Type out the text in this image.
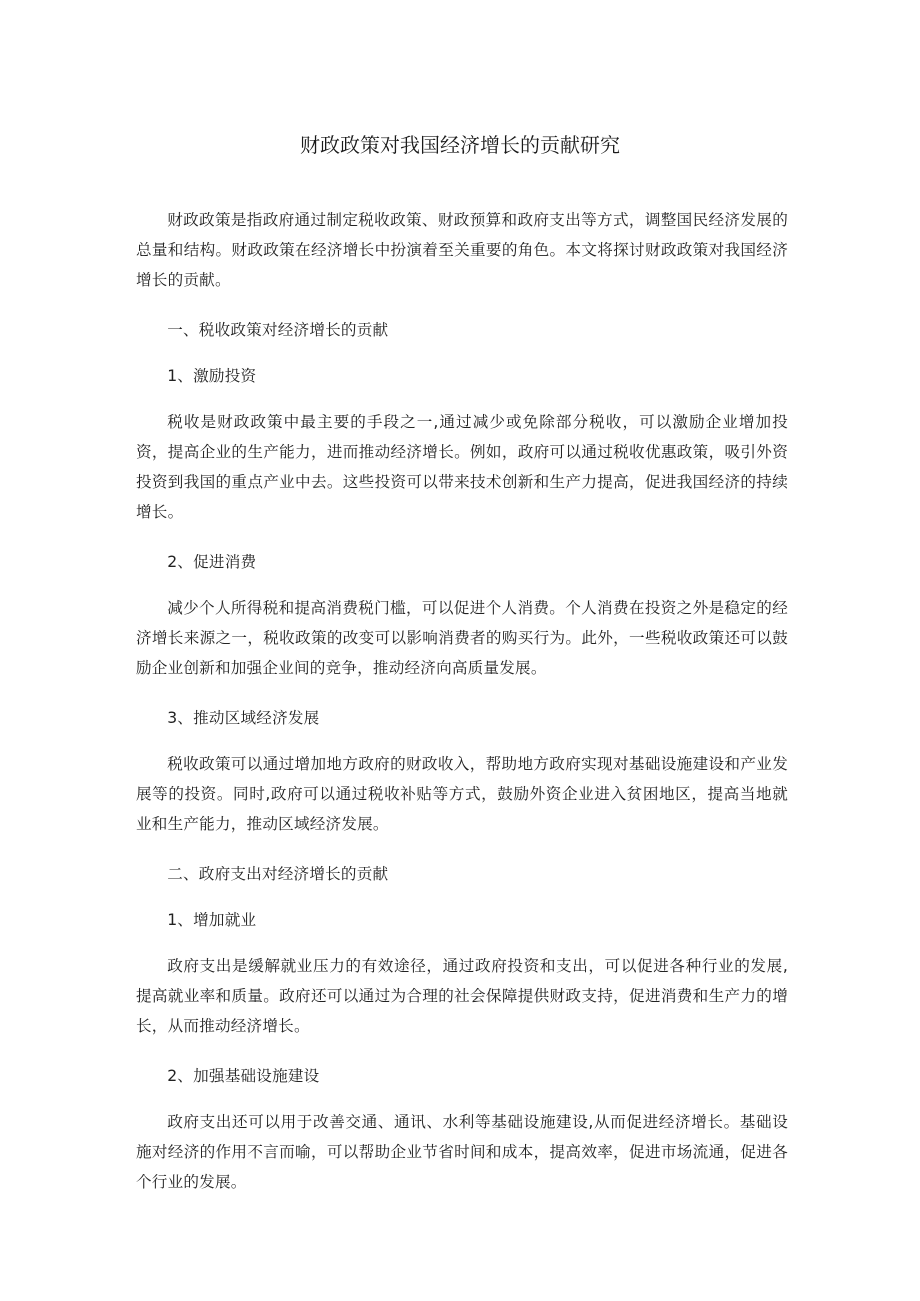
财政政策对我国经济增长的贡献研究

财政政策是指政府通过制定税收政策、财政预算和政府支出等方式，调整国民经济发展的总量和结构。财政政策在经济增长中扮演着至关重要的角色。本文将探讨财政政策对我国经济增长的贡献。

一、税收政策对经济增长的贡献

1、激励投资

税收是财政政策中最主要的手段之一,通过减少或免除部分税收，可以激励企业增加投资，提高企业的生产能力，进而推动经济增长。例如，政府可以通过税收优惠政策，吸引外资投资到我国的重点产业中去。这些投资可以带来技术创新和生产力提高，促进我国经济的持续增长。

2、促进消费

减少个人所得税和提高消费税门槛，可以促进个人消费。个人消费在投资之外是稳定的经济增长来源之一，税收政策的改变可以影响消费者的购买行为。此外，一些税收政策还可以鼓励企业创新和加强企业间的竞争，推动经济向高质量发展。

3、推动区域经济发展

税收政策可以通过增加地方政府的财政收入，帮助地方政府实现对基础设施建设和产业发展等的投资。同时,政府可以通过税收补贴等方式，鼓励外资企业进入贫困地区，提高当地就业和生产能力，推动区域经济发展。

二、政府支出对经济增长的贡献

1、增加就业

政府支出是缓解就业压力的有效途径，通过政府投资和支出，可以促进各种行业的发展,提高就业率和质量。政府还可以通过为合理的社会保障提供财政支持，促进消费和生产力的增长，从而推动经济增长。

2、加强基础设施建设

政府支出还可以用于改善交通、通讯、水利等基础设施建设,从而促进经济增长。基础设施对经济的作用不言而喻，可以帮助企业节省时间和成本，提高效率，促进市场流通，促进各个行业的发展。
